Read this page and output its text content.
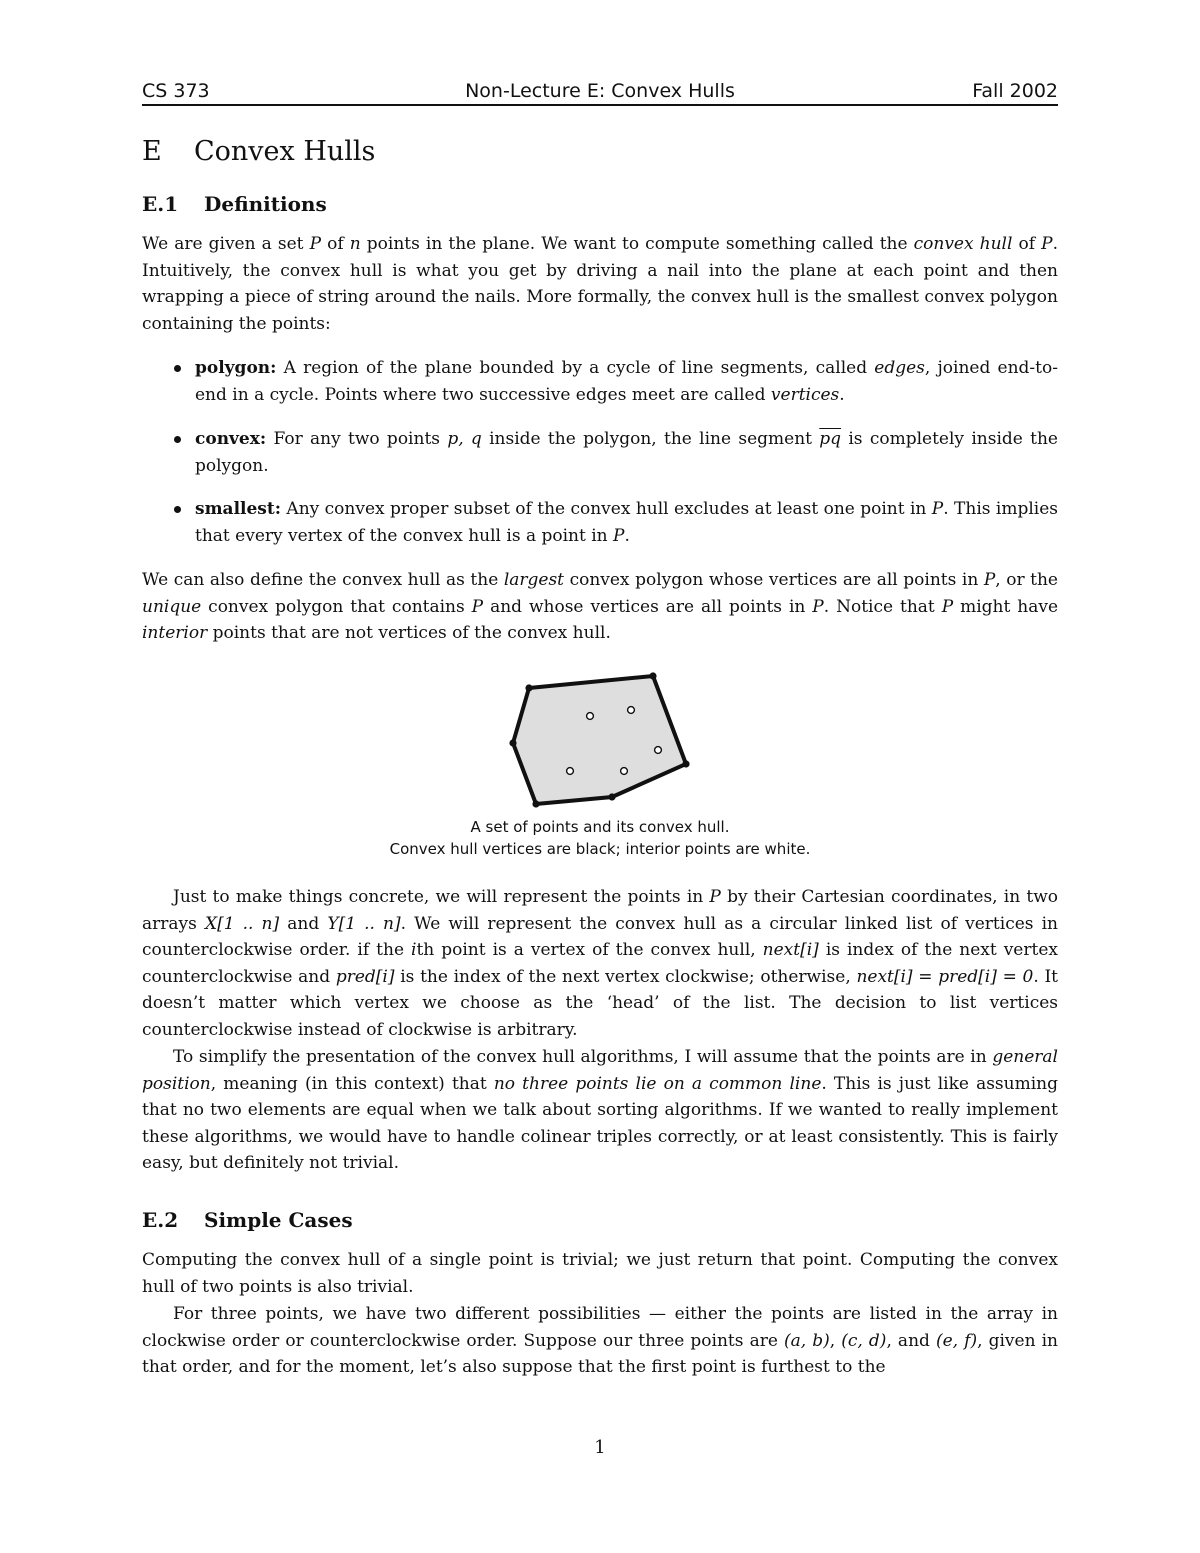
CS 373	Non-Lecture E: Convex Hulls	Fall 2002
E Convex Hulls
E.1 Definitions
We are given a set P of n points in the plane. We want to compute something called the convex hull of P. Intuitively, the convex hull is what you get by driving a nail into the plane at each point and then wrapping a piece of string around the nails. More formally, the convex hull is the smallest convex polygon containing the points:
polygon: A region of the plane bounded by a cycle of line segments, called edges, joined end-to-end in a cycle. Points where two successive edges meet are called vertices.
convex: For any two points p, q inside the polygon, the line segment $\overline{pq}$ is completely inside the polygon.
smallest: Any convex proper subset of the convex hull excludes at least one point in P. This implies that every vertex of the convex hull is a point in P.
We can also define the convex hull as the largest convex polygon whose vertices are all points in P, or the unique convex polygon that contains P and whose vertices are all points in P. Notice that P might have interior points that are not vertices of the convex hull.
A set of points and its convex hull.
Convex hull vertices are black; interior points are white.
Just to make things concrete, we will represent the points in P by their Cartesian coordinates, in two arrays X[1 .. n] and Y[1 .. n]. We will represent the convex hull as a circular linked list of vertices in counterclockwise order. if the ith point is a vertex of the convex hull, next[i] is index of the next vertex counterclockwise and pred[i] is the index of the next vertex clockwise; otherwise, next[i] = pred[i] = 0. It doesn’t matter which vertex we choose as the ‘head’ of the list. The decision to list vertices counterclockwise instead of clockwise is arbitrary.
To simplify the presentation of the convex hull algorithms, I will assume that the points are in general position, meaning (in this context) that no three points lie on a common line. This is just like assuming that no two elements are equal when we talk about sorting algorithms. If we wanted to really implement these algorithms, we would have to handle colinear triples correctly, or at least consistently. This is fairly easy, but definitely not trivial.
E.2 Simple Cases
Computing the convex hull of a single point is trivial; we just return that point. Computing the convex hull of two points is also trivial.
For three points, we have two different possibilities — either the points are listed in the array in clockwise order or counterclockwise order. Suppose our three points are (a, b), (c, d), and (e, f), given in that order, and for the moment, let’s also suppose that the first point is furthest to the
1
